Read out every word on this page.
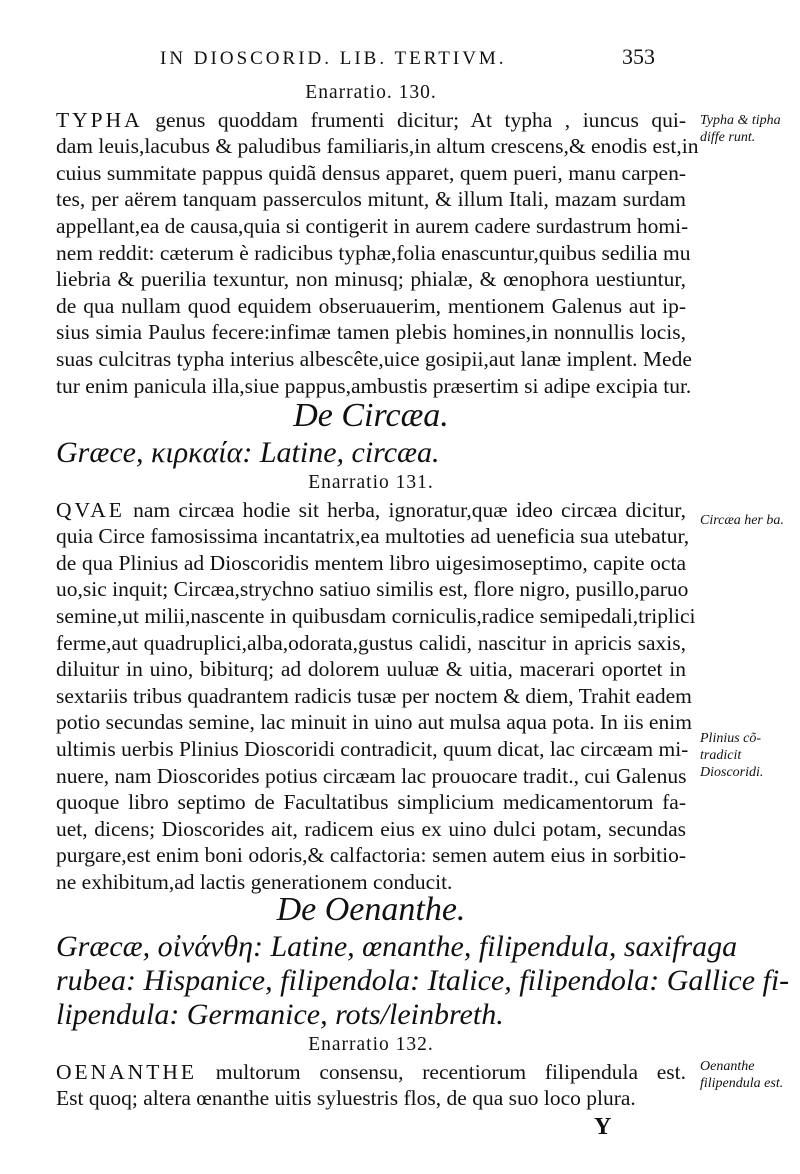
IN DIOSCORID. LIB. TERTIVM.	353
Enarratio. 130.
TYPHA genus quoddam frumenti dicitur; At typha , iuncus qui-
dam leuis,lacubus & paludibus familiaris,in altum crescens,& enodis est,in
cuius summitate pappus quidã densus apparet, quem pueri, manu carpen-
tes, per aërem tanquam passerculos mitunt, & illum Itali, mazam surdam
appellant,ea de causa,quia si contigerit in aurem cadere surdastrum homi-
nem reddit: cæterum è radicibus typhæ,folia enascuntur,quibus sedilia mu
liebria & puerilia texuntur, non minusq; phialæ, & œnophora uestiuntur,
de qua nullam quod equidem obseruauerim, mentionem Galenus aut ip-
sius simia Paulus fecere:infimæ tamen plebis homines,in nonnullis locis,
suas culcitras typha interius albescête,uice gosipii,aut lanæ implent. Mede
tur enim panicula illa,siue pappus,ambustis præsertim si adipe excipia tur.
De Circæa.
Græce, κιρκαία: Latine, circæa.
Enarratio 131.
QVAE nam circæa hodie sit herba, ignoratur,quæ ideo circæa dicitur,
quia Circe famosissima incantatrix,ea multoties ad ueneficia sua utebatur,
de qua Plinius ad Dioscoridis mentem libro uigesimoseptimo, capite octa
uo,sic inquit; Circæa,strychno satiuo similis est, flore nigro, pusillo,paruo
semine,ut milii,nascente in quibusdam corniculis,radice semipedali,triplici
ferme,aut quadruplici,alba,odorata,gustus calidi, nascitur in apricis saxis,
diluitur in uino, bibiturq; ad dolorem uuluæ & uitia, macerari oportet in
sextariis tribus quadrantem radicis tusæ per noctem & diem, Trahit eadem
potio secundas semine, lac minuit in uino aut mulsa aqua pota. In iis enim
ultimis uerbis Plinius Dioscoridi contradicit, quum dicat, lac circæam mi-
nuere, nam Dioscorides potius circæam lac prouocare tradit., cui Galenus
quoque libro septimo de Facultatibus simplicium medicamentorum fa-
uet, dicens; Dioscorides ait, radicem eius ex uino dulci potam, secundas
purgare,est enim boni odoris,& calfactoria: semen autem eius in sorbitio-
ne exhibitum,ad lactis generationem conducit.
De Oenanthe.
Græcæ, οἰνάνθη: Latine, œnanthe, filipendula, saxifraga
rubea: Hispanice, filipendola: Italice, filipendola: Gallice fi-
lipendula: Germanice, rots/leinbreth.
Enarratio 132.
OENANTHE multorum consensu, recentiorum filipendula est.
Est quoq; altera œnanthe uitis syluestris flos, de qua suo loco plura.
Y
Typha & tipha diffe runt.
Circæa her ba.
Plinius cõ- tradicit Dioscoridi.
Oenanthe filipendula est.
